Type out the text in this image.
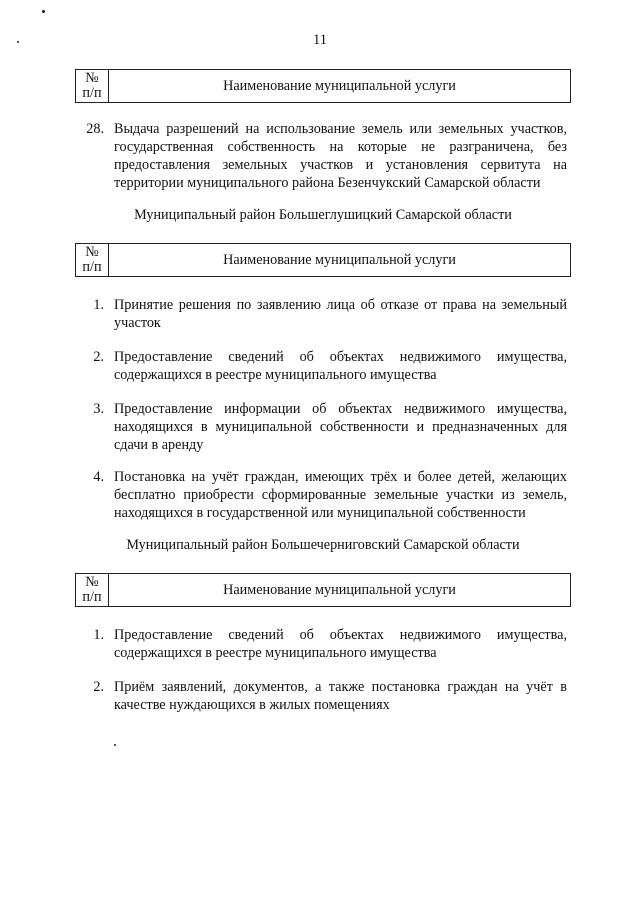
11
№
п/п	Наименование муниципальной услуги
28. Выдача разрешений на использование земель или земельных участков, государственная собственность на которые не разграничена, без предоставления земельных участков и установления сервитута на территории муниципального района Безенчукский Самарской области
Муниципальный район Большеглушицкий Самарской области
№
п/п	Наименование муниципальной услуги
1. Принятие решения по заявлению лица об отказе от права на земельный участок
2. Предоставление сведений об объектах недвижимого имущества, содержащихся в реестре муниципального имущества
3. Предоставление информации об объектах недвижимого имущества, находящихся в муниципальной собственности и предназначенных для сдачи в аренду
4. Постановка на учёт граждан, имеющих трёх и более детей, желающих бесплатно приобрести сформированные земельные участки из земель, находящихся в государственной или муниципальной собственности
Муниципальный район Большечерниговский Самарской области
№
п/п	Наименование муниципальной услуги
1. Предоставление сведений об объектах недвижимого имущества, содержащихся в реестре муниципального имущества
2. Приём заявлений, документов, а также постановка граждан на учёт в качестве нуждающихся в жилых помещениях
